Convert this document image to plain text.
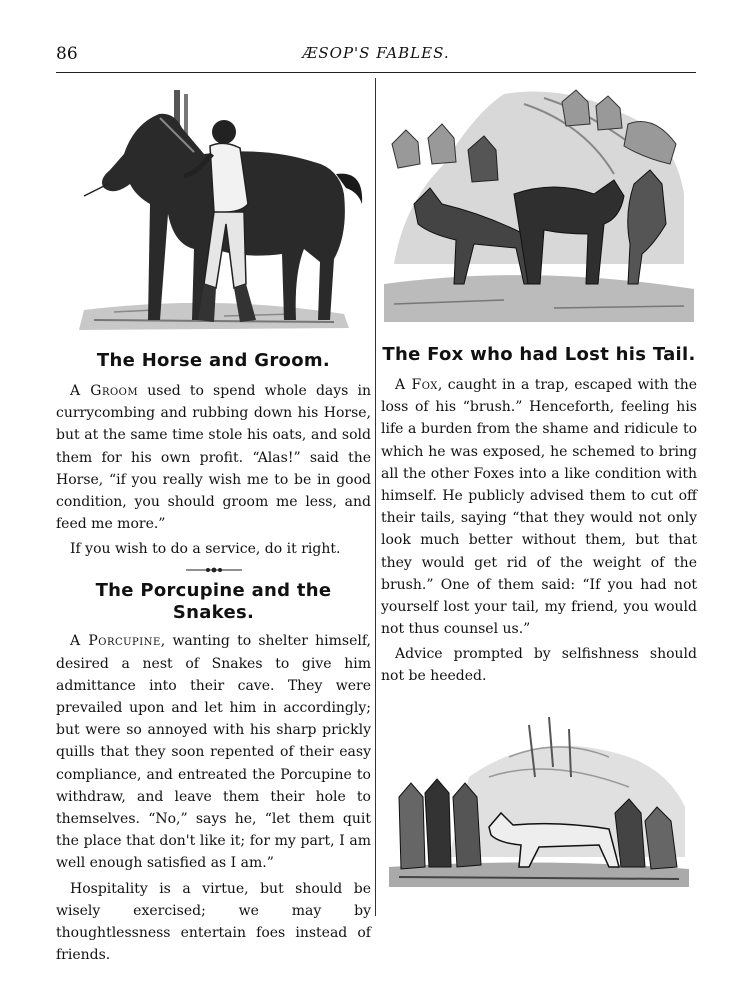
86	ÆSOP'S FABLES.
The Horse and Groom.

A Groom used to spend whole days in currycombing and rubbing down his Horse, but at the same time stole his oats, and sold them for his own profit. “Alas!” said the Horse, “if you really wish me to be in good condition, you should groom me less, and feed me more.”

If you wish to do a service, do it right.

The Porcupine and the Snakes.

A Porcupine, wanting to shelter himself, desired a nest of Snakes to give him admittance into their cave. They were prevailed upon and let him in accordingly; but were so annoyed with his sharp prickly quills that they soon repented of their easy compliance, and entreated the Porcupine to withdraw, and leave them their hole to themselves. “No,” says he, “let them quit the place that don't like it; for my part, I am well enough satisfied as I am.”

Hospitality is a virtue, but should be wisely exercised; we may by thoughtlessness entertain foes instead of friends.

The Fox who had Lost his Tail.

A Fox, caught in a trap, escaped with the loss of his “brush.” Henceforth, feeling his life a burden from the shame and ridicule to which he was exposed, he schemed to bring all the other Foxes into a like condition with himself. He publicly advised them to cut off their tails, saying “that they would not only look much better without them, but that they would get rid of the weight of the brush.” One of them said: “If you had not yourself lost your tail, my friend, you would not thus counsel us.”

Advice prompted by selfishness should not be heeded.
